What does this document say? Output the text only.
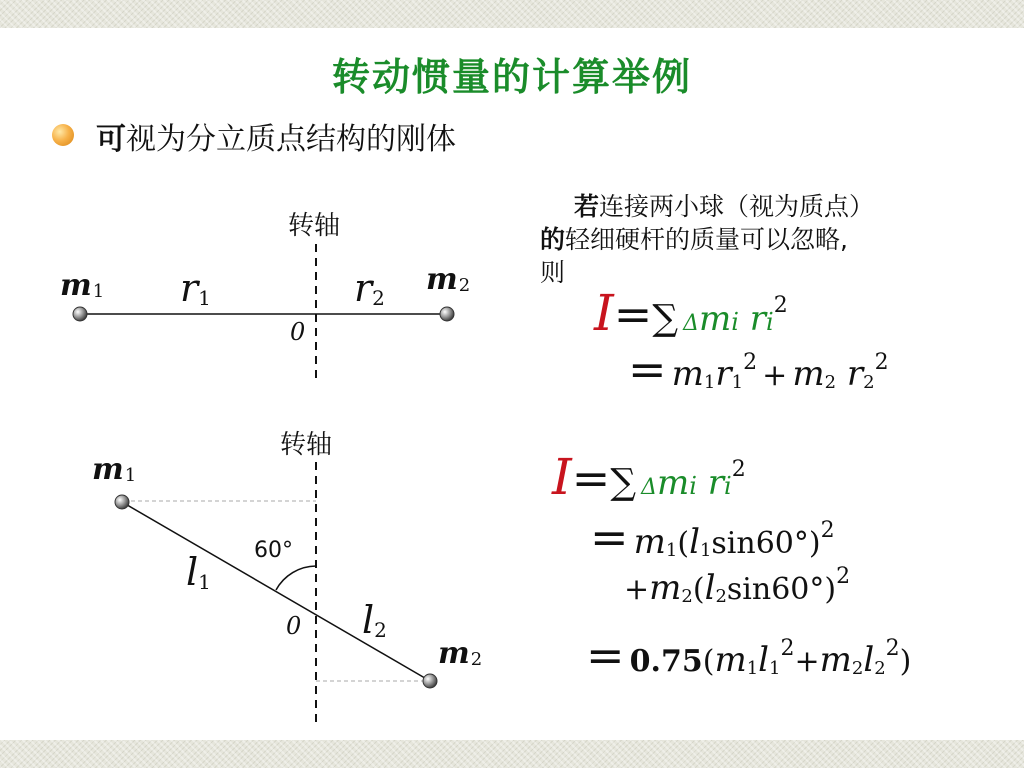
转动惯量的计算举例
可视为分立质点结构的刚体
转轴
$m_1$	$m_2$
$r_1$	$r_2$
0
转轴
$m_1$
$m_2$
$l_1$
$l_2$
60°
0
若连接两小球（视为质点）
的轻细硬杆的质量可以忽略,
则
I=∑ Δmi $ri^2$
= $m_1r_1^2 + m_2$ $r_2^2$
I=∑ Δmi $ri^2$
= $m_1(l_1\sin 60^\circ)^2$
$+m_2(l_2\sin 60^\circ)^2$
= $0.75(m_1l_1^2+m_2l_2^2)$
